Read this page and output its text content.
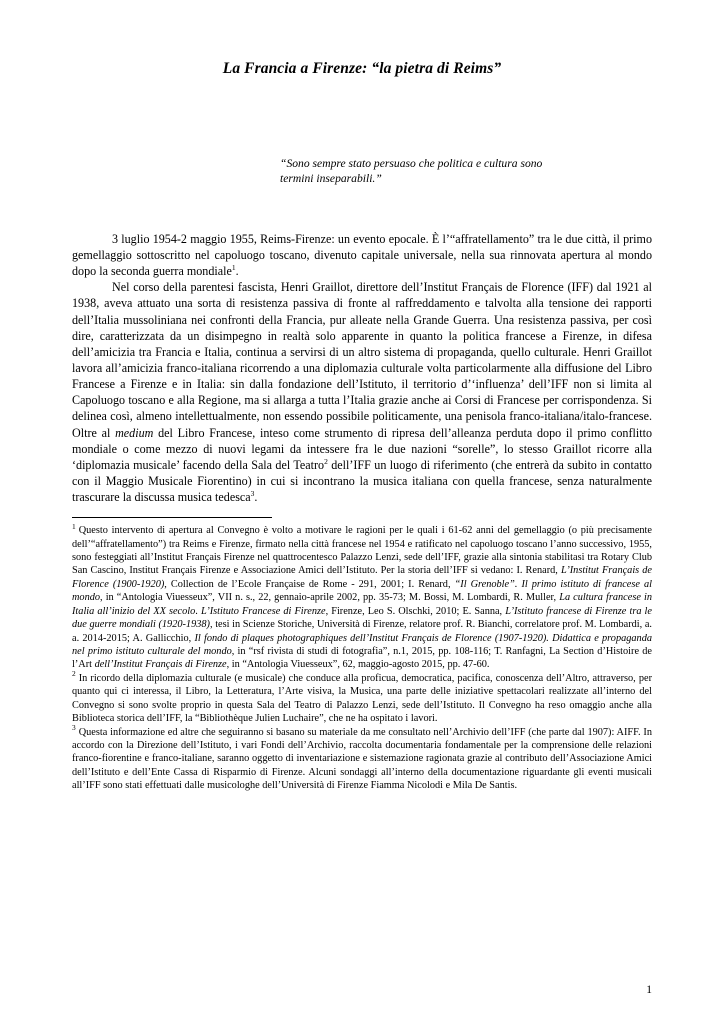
La Francia a Firenze: “la pietra di Reims”
“Sono sempre stato persuaso che politica e cultura sono termini inseparabili.”

3 luglio 1954-2 maggio 1955, Reims-Firenze: un evento epocale. È l’“affratellamento” tra le due città, il primo gemellaggio sottoscritto nel capoluogo toscano, divenuto capitale universale, nella sua rinnovata apertura al mondo dopo la seconda guerra mondiale$^1$.

Nel corso della parentesi fascista, Henri Graillot, direttore dell’Institut Français de Florence (IFF) dal 1921 al 1938, aveva attuato una sorta di resistenza passiva di fronte al raffreddamento e talvolta alla tensione dei rapporti dell’Italia mussoliniana nei confronti della Francia, pur alleate nella Grande Guerra. Una resistenza passiva, per così dire, caratterizzata da un disimpegno in realtà solo apparente in quanto la politica francese a Firenze, in difesa dell’amicizia tra Francia e Italia, continua a servirsi di un altro sistema di propaganda, quello culturale. Henri Graillot lavora all’amicizia franco-italiana ricorrendo a una diplomazia culturale volta particolarmente alla diffusione del Libro Francese a Firenze e in Italia: sin dalla fondazione dell’Istituto, il territorio d’‘influenza’ dell’IFF non si limita al Capoluogo toscano e alla Regione, ma si allarga a tutta l’Italia grazie anche ai Corsi di Francese per corrispondenza. Si delinea così, almeno intellettualmente, non essendo possibile politicamente, una penisola franco-italiana/italo-francese. Oltre al medium del Libro Francese, inteso come strumento di ripresa dell’alleanza perduta dopo il primo conflitto mondiale o come mezzo di nuovi legami da intessere fra le due nazioni “sorelle”, lo stesso Graillot ricorre alla ‘diplomazia musicale’ facendo della Sala del Teatro$^2$ dell’IFF un luogo di riferimento (che entrerà da subito in contatto con il Maggio Musicale Fiorentino) in cui si incontrano la musica italiana con quella francese, senza naturalmente trascurare la discussa musica tedesca$^3$.

$^1$ Questo intervento di apertura al Convegno è volto a motivare le ragioni per le quali i 61-62 anni del gemellaggio (o più precisamente dell’“affratellamento”) tra Reims e Firenze, firmato nella città francese nel 1954 e ratificato nel capoluogo toscano l’anno successivo, 1955, sono festeggiati all’Institut Français Firenze nel quattrocentesco Palazzo Lenzi, sede dell’IFF, grazie alla sintonia stabilitasi tra Rotary Club San Cascino, Institut Français Firenze e Associazione Amici dell’Istituto. Per la storia dell’IFF si vedano: I. Renard, L’Institut Français de Florence (1900-1920), Collection de l’Ecole Française de Rome - 291, 2001; I. Renard, “Il Grenoble”. Il primo istituto di francese al mondo, in “Antologia Viuesseux”, VII n. s., 22, gennaio-aprile 2002, pp. 35-73; M. Bossi, M. Lombardi, R. Muller, La cultura francese in Italia all’inizio del XX secolo. L’Istituto Francese di Firenze, Firenze, Leo S. Olschki, 2010; E. Sanna, L’Istituto francese di Firenze tra le due guerre mondiali (1920-1938), tesi in Scienze Storiche, Università di Firenze, relatore prof. R. Bianchi, correlatore prof. M. Lombardi, a. a. 2014-2015; A. Gallicchio, Il fondo di plaques photographiques dell’Institut Français de Florence (1907-1920). Didattica e propaganda nel primo istituto culturale del mondo, in “rsf rivista di studi di fotografia”, n.1, 2015, pp. 108-116; T. Ranfagni, La Section d’Histoire de l’Art dell’Institut Français di Firenze, in “Antologia Viuesseux”, 62, maggio-agosto 2015, pp. 47-60.

$^2$ In ricordo della diplomazia culturale (e musicale) che conduce alla proficua, democratica, pacifica, conoscenza dell’Altro, attraverso, per quanto qui ci interessa, il Libro, la Letteratura, l’Arte visiva, la Musica, una parte delle iniziative spettacolari realizzate all’interno del Convegno si sono svolte proprio in questa Sala del Teatro di Palazzo Lenzi, sede dell’Istituto. Il Convegno ha reso omaggio anche alla Biblioteca storica dell’IFF, la “Bibliothèque Julien Luchaire”, che ne ha ospitato i lavori.

$^3$ Questa informazione ed altre che seguiranno si basano su materiale da me consultato nell’Archivio dell’IFF (che parte dal 1907): AIFF. In accordo con la Direzione dell’Istituto, i vari Fondi dell’Archivio, raccolta documentaria fondamentale per la comprensione delle relazioni franco-fiorentine e franco-italiane, saranno oggetto di inventariazione e sistemazione ragionata grazie al contributo dell’Associazione Amici dell’Istituto e dell’Ente Cassa di Risparmio di Firenze. Alcuni sondaggi all’interno della documentazione riguardante gli eventi musicali all’IFF sono stati effettuati dalle musicologhe dell’Università di Firenze Fiamma Nicolodi e Mila De Santis.

1
